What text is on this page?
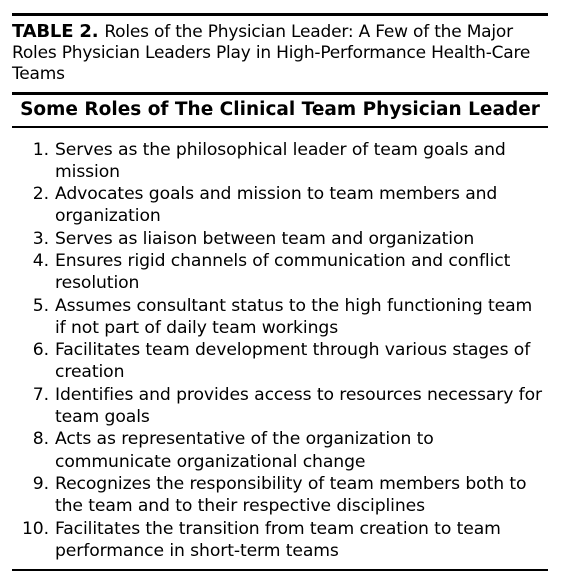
TABLE 2. Roles of the Physician Leader: A Few of the Major Roles Physician Leaders Play in High-Performance Health-Care Teams
Some Roles of The Clinical Team Physician Leader
1. Serves as the philosophical leader of team goals and mission
2. Advocates goals and mission to team members and organization
3. Serves as liaison between team and organization
4. Ensures rigid channels of communication and conflict resolution
5. Assumes consultant status to the high functioning team if not part of daily team workings
6. Facilitates team development through various stages of creation
7. Identifies and provides access to resources necessary for team goals
8. Acts as representative of the organization to communicate organizational change
9. Recognizes the responsibility of team members both to the team and to their respective disciplines
10. Facilitates the transition from team creation to team performance in short-term teams
